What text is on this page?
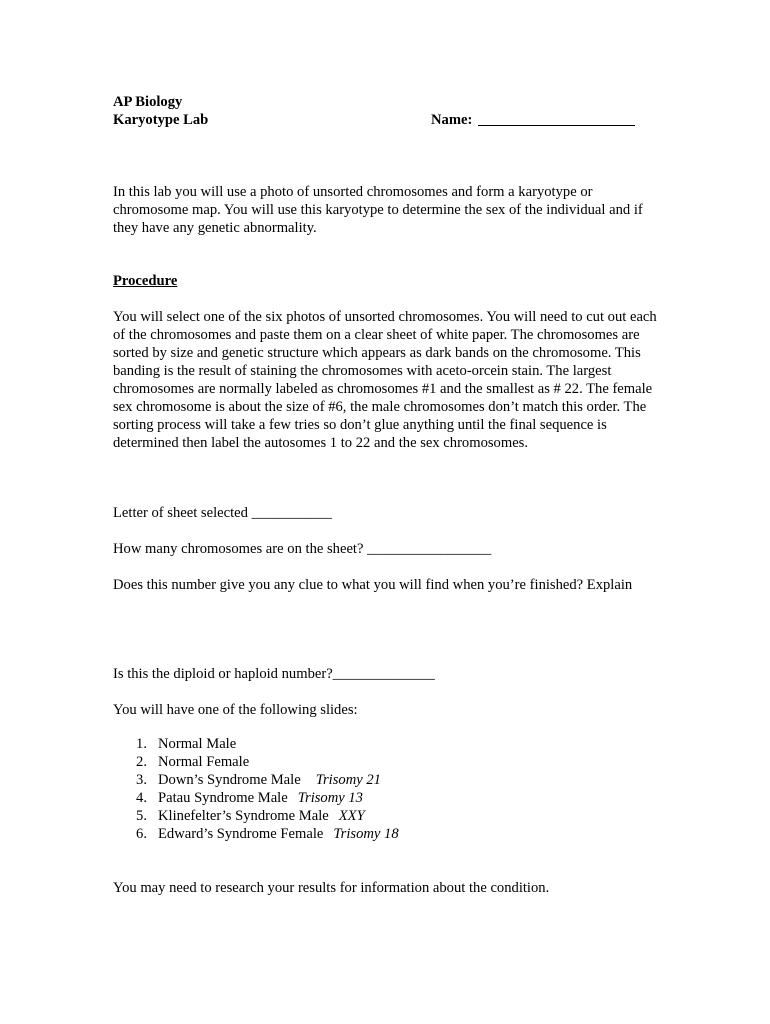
AP Biology
Karyotype Lab	Name:
In this lab you will use a photo of unsorted chromosomes and form a karyotype or chromosome map. You will use this karyotype to determine the sex of the individual and if they have any genetic abnormality.
Procedure
You will select one of the six photos of unsorted chromosomes. You will need to cut out each of the chromosomes and paste them on a clear sheet of white paper. The chromosomes are sorted by size and genetic structure which appears as dark bands on the chromosome. This banding is the result of staining the chromosomes with aceto-orcein stain. The largest chromosomes are normally labeled as chromosomes #1 and the smallest as # 22. The female sex chromosome is about the size of #6, the male chromosomes don’t match this order. The sorting process will take a few tries so don’t glue anything until the final sequence is determined then label the autosomes 1 to 22 and the sex chromosomes.
Letter of sheet selected ___________
How many chromosomes are on the sheet? _________________
Does this number give you any clue to what you will find when you’re finished? Explain
Is this the diploid or haploid number?______________
You will have one of the following slides:
1. Normal Male
2. Normal Female
3. Down’s Syndrome Male Trisomy 21
4. Patau Syndrome Male Trisomy 13
5. Klinefelter’s Syndrome Male XXY
6. Edward’s Syndrome Female Trisomy 18
You may need to research your results for information about the condition.
